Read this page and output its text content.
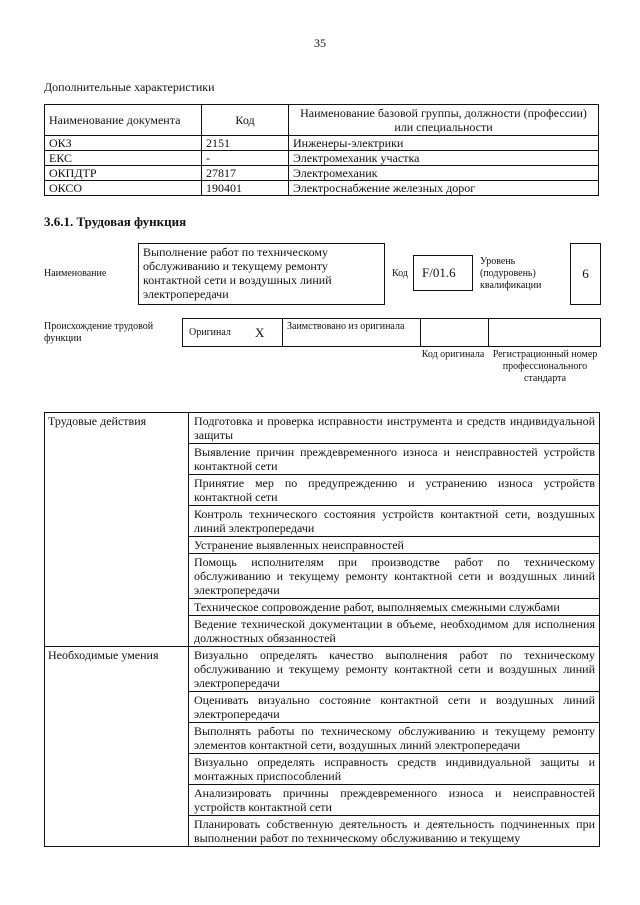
35
Дополнительные характеристики
Наименование документа	Код	Наименование базовой группы, должности (профессии) или специальности
ОКЗ	2151	Инженеры-электрики
ЕКС	-	Электромеханик участка
ОКПДТР	27817	Электромеханик
ОКСО	190401	Электроснабжение железных дорог
3.6.1. Трудовая функция
Наименование
Выполнение работ по техническому обслуживанию и текущему ремонту контактной сети и воздушных линий электропередачи
Код	F/01.6
Уровень (подуровень) квалификации
6
Происхождение трудовой функции
Оригинал X Заимствовано из оригинала
Код оригинала Регистрационный номер профессионального стандарта
Трудовые действия	Подготовка и проверка исправности инструмента и средств индивидуальной защиты
	Выявление причин преждевременного износа и неисправностей устройств контактной сети
	Принятие мер по предупреждению и устранению износа устройств контактной сети
	Контроль технического состояния устройств контактной сети, воздушных линий электропередачи
	Устранение выявленных неисправностей
	Помощь исполнителям при производстве работ по техническому обслуживанию и текущему ремонту контактной сети и воздушных линий электропередачи
	Техническое сопровождение работ, выполняемых смежными службами
	Ведение технической документации в объеме, необходимом для исполнения должностных обязанностей
Необходимые умения	Визуально определять качество выполнения работ по техническому обслуживанию и текущему ремонту контактной сети и воздушных линий электропередачи
	Оценивать визуально состояние контактной сети и воздушных линий электропередачи
	Выполнять работы по техническому обслуживанию и текущему ремонту элементов контактной сети, воздушных линий электропередачи
	Визуально определять исправность средств индивидуальной защиты и монтажных приспособлений
	Анализировать причины преждевременного износа и неисправностей устройств контактной сети
	Планировать собственную деятельность и деятельность подчиненных при выполнении работ по техническому обслуживанию и текущему
